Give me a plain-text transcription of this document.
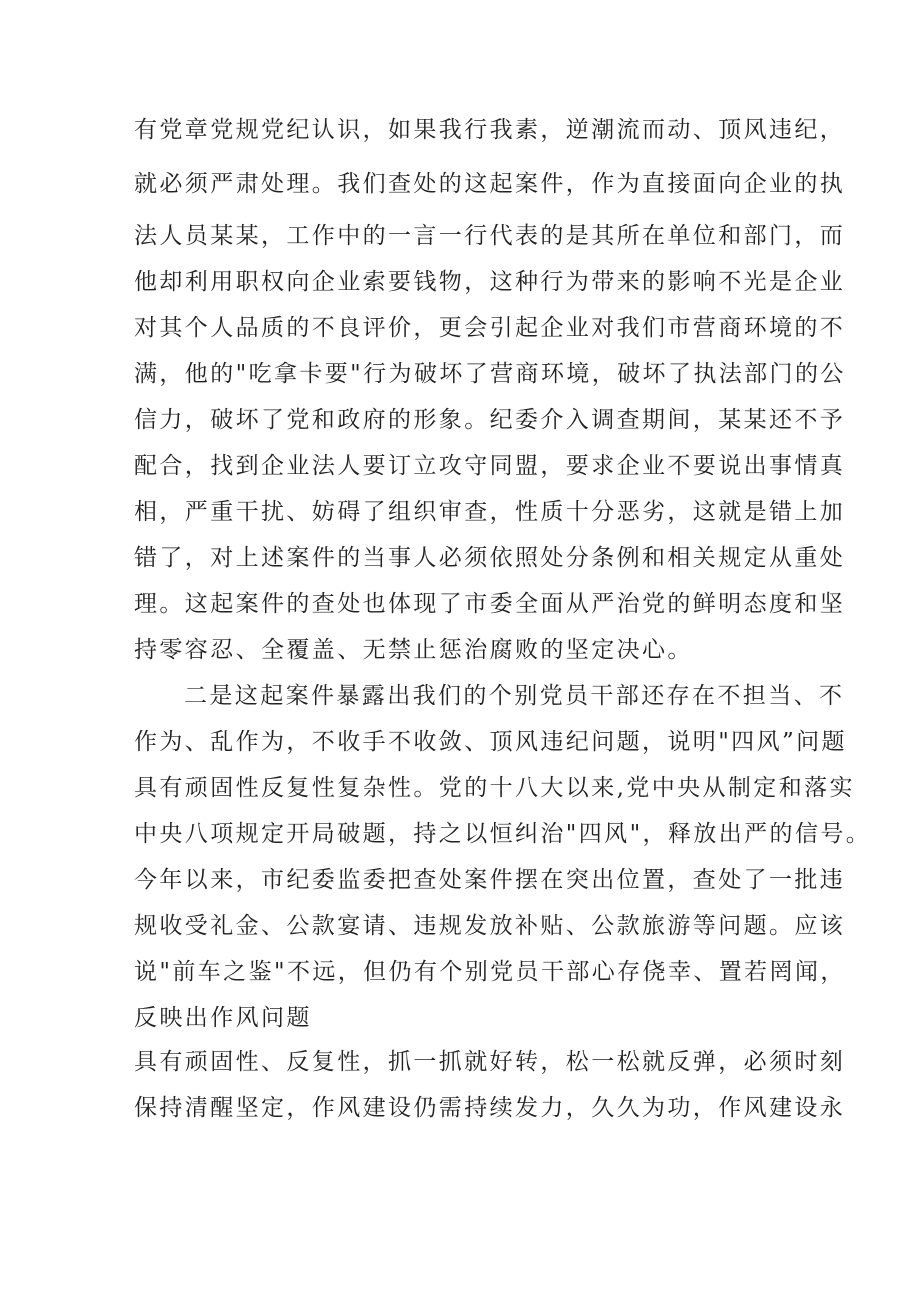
有党章党规党纪认识，如果我行我素，逆潮流而动、顶风违纪，
就必须严肃处理。我们查处的这起案件，作为直接面向企业的执
法人员某某，工作中的一言一行代表的是其所在单位和部门，而
他却利用职权向企业索要钱物，这种行为带来的影响不光是企业
对其个人品质的不良评价，更会引起企业对我们市营商环境的不
满，他的"吃拿卡要"行为破坏了营商环境，破坏了执法部门的公
信力，破坏了党和政府的形象。纪委介入调查期间，某某还不予
配合，找到企业法人要订立攻守同盟，要求企业不要说出事情真
相，严重干扰、妨碍了组织审查，性质十分恶劣，这就是错上加
错了，对上述案件的当事人必须依照处分条例和相关规定从重处
理。这起案件的查处也体现了市委全面从严治党的鲜明态度和坚
持零容忍、全覆盖、无禁止惩治腐败的坚定决心。
二是这起案件暴露出我们的个别党员干部还存在不担当、不
作为、乱作为，不收手不收敛、顶风违纪问题，说明"四风”问题
具有顽固性反复性复杂性。党的十八大以来,党中央从制定和落实
中央八项规定开局破题，持之以恒纠治"四风"，释放出严的信号。
今年以来，市纪委监委把查处案件摆在突出位置，查处了一批违
规收受礼金、公款宴请、违规发放补贴、公款旅游等问题。应该
说"前车之鉴"不远，但仍有个别党员干部心存侥幸、置若罔闻，
反映出作风问题
具有顽固性、反复性，抓一抓就好转，松一松就反弹，必须时刻
保持清醒坚定，作风建设仍需持续发力，久久为功，作风建设永
